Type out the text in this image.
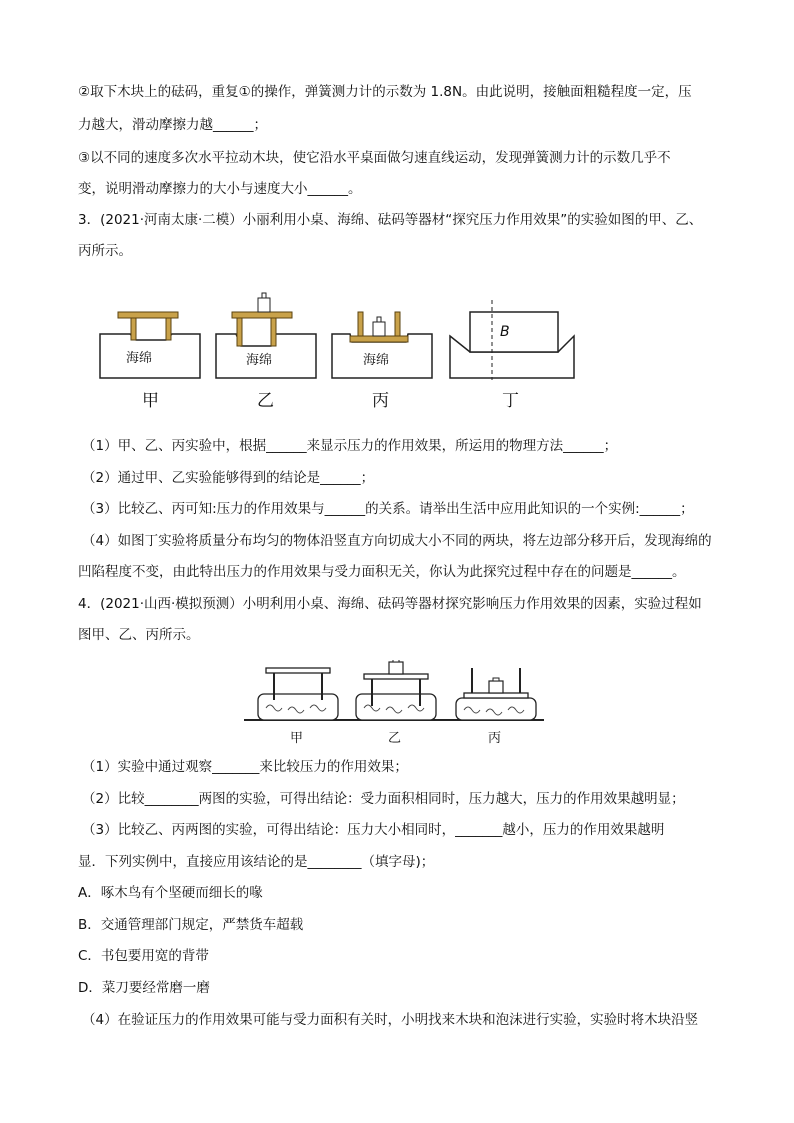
②取下木块上的砝码，重复①的操作，弹簧测力计的示数为 1.8N。由此说明，接触面粗糙程度一定，压
力越大，滑动摩擦力越______；
③以不同的速度多次水平拉动木块，使它沿水平桌面做匀速直线运动，发现弹簧测力计的示数几乎不
变，说明滑动摩擦力的大小与速度大小______。
3．(2021·河南太康·二模）小丽利用小桌、海绵、砝码等器材“探究压力作用效果”的实验如图的甲、乙、
丙所示。
海绵	海绵	海绵
B
甲	乙	丙	丁
（1）甲、乙、丙实验中，根据______来显示压力的作用效果，所运用的物理方法______；
（2）通过甲、乙实验能够得到的结论是______；
（3）比较乙、丙可知:压力的作用效果与______的关系。请举出生活中应用此知识的一个实例:______；
（4）如图丁实验将质量分布均匀的物体沿竖直方向切成大小不同的两块，将左边部分移开后，发现海绵的
凹陷程度不变，由此特出压力的作用效果与受力面积无关，你认为此探究过程中存在的问题是______。
4．(2021·山西·模拟预测）小明利用小桌、海绵、砝码等器材探究影响压力作用效果的因素，实验过程如
图甲、乙、丙所示。
甲	乙	丙
（1）实验中通过观察_______来比较压力的作用效果；
（2）比较________两图的实验，可得出结论：受力面积相同时，压力越大，压力的作用效果越明显；
（3）比较乙、丙两图的实验，可得出结论：压力大小相同时，_______越小，压力的作用效果越明
显．下列实例中，直接应用该结论的是________（填字母)；
A．啄木鸟有个坚硬而细长的喙
B．交通管理部门规定，严禁货车超载
C．书包要用宽的背带
D．菜刀要经常磨一磨
（4）在验证压力的作用效果可能与受力面积有关时，小明找来木块和泡沫进行实验，实验时将木块沿竖
